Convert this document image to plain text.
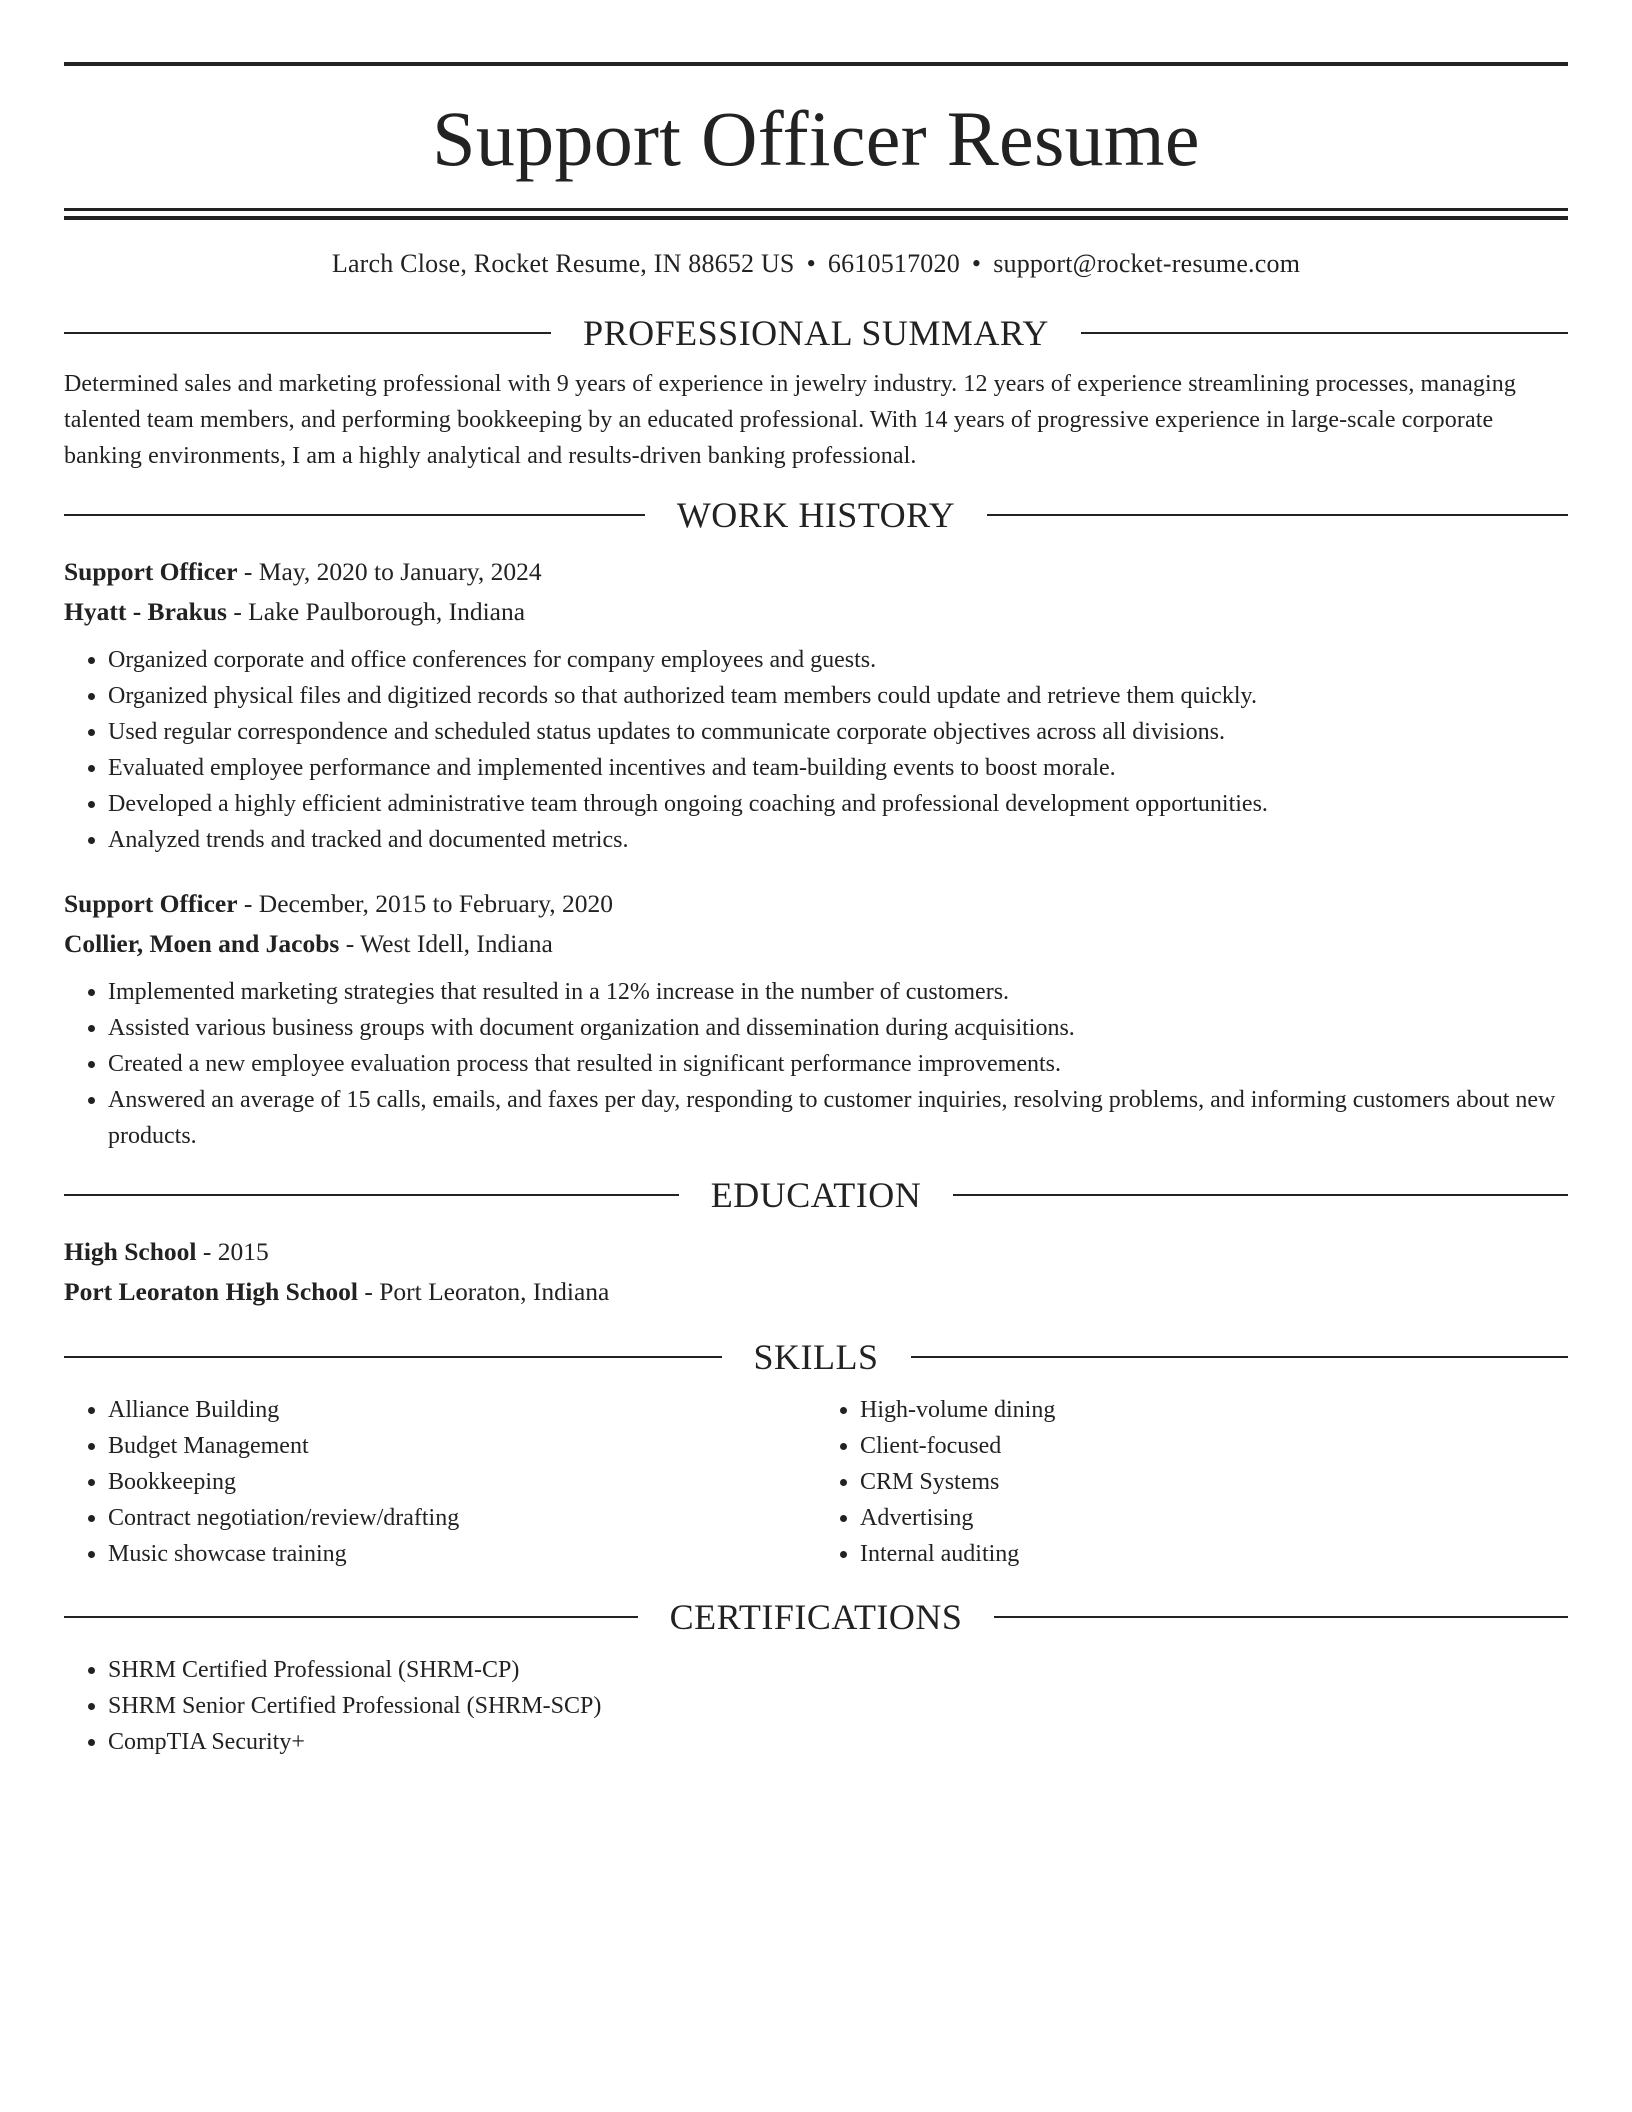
Support Officer Resume
Larch Close, Rocket Resume, IN 88652 US • 6610517020 • support@rocket-resume.com
PROFESSIONAL SUMMARY
Determined sales and marketing professional with 9 years of experience in jewelry industry. 12 years of experience streamlining processes, managing talented team members, and performing bookkeeping by an educated professional. With 14 years of progressive experience in large-scale corporate banking environments, I am a highly analytical and results-driven banking professional.
WORK HISTORY
Support Officer - May, 2020 to January, 2024
Hyatt - Brakus - Lake Paulborough, Indiana
• Organized corporate and office conferences for company employees and guests.
• Organized physical files and digitized records so that authorized team members could update and retrieve them quickly.
• Used regular correspondence and scheduled status updates to communicate corporate objectives across all divisions.
• Evaluated employee performance and implemented incentives and team-building events to boost morale.
• Developed a highly efficient administrative team through ongoing coaching and professional development opportunities.
• Analyzed trends and tracked and documented metrics.
Support Officer - December, 2015 to February, 2020
Collier, Moen and Jacobs - West Idell, Indiana
• Implemented marketing strategies that resulted in a 12% increase in the number of customers.
• Assisted various business groups with document organization and dissemination during acquisitions.
• Created a new employee evaluation process that resulted in significant performance improvements.
• Answered an average of 15 calls, emails, and faxes per day, responding to customer inquiries, resolving problems, and informing customers about new products.
EDUCATION
High School - 2015
Port Leoraton High School - Port Leoraton, Indiana
SKILLS
• Alliance Building
• Budget Management
• Bookkeeping
• Contract negotiation/review/drafting
• Music showcase training
• High-volume dining
• Client-focused
• CRM Systems
• Advertising
• Internal auditing
CERTIFICATIONS
• SHRM Certified Professional (SHRM-CP)
• SHRM Senior Certified Professional (SHRM-SCP)
• CompTIA Security+
